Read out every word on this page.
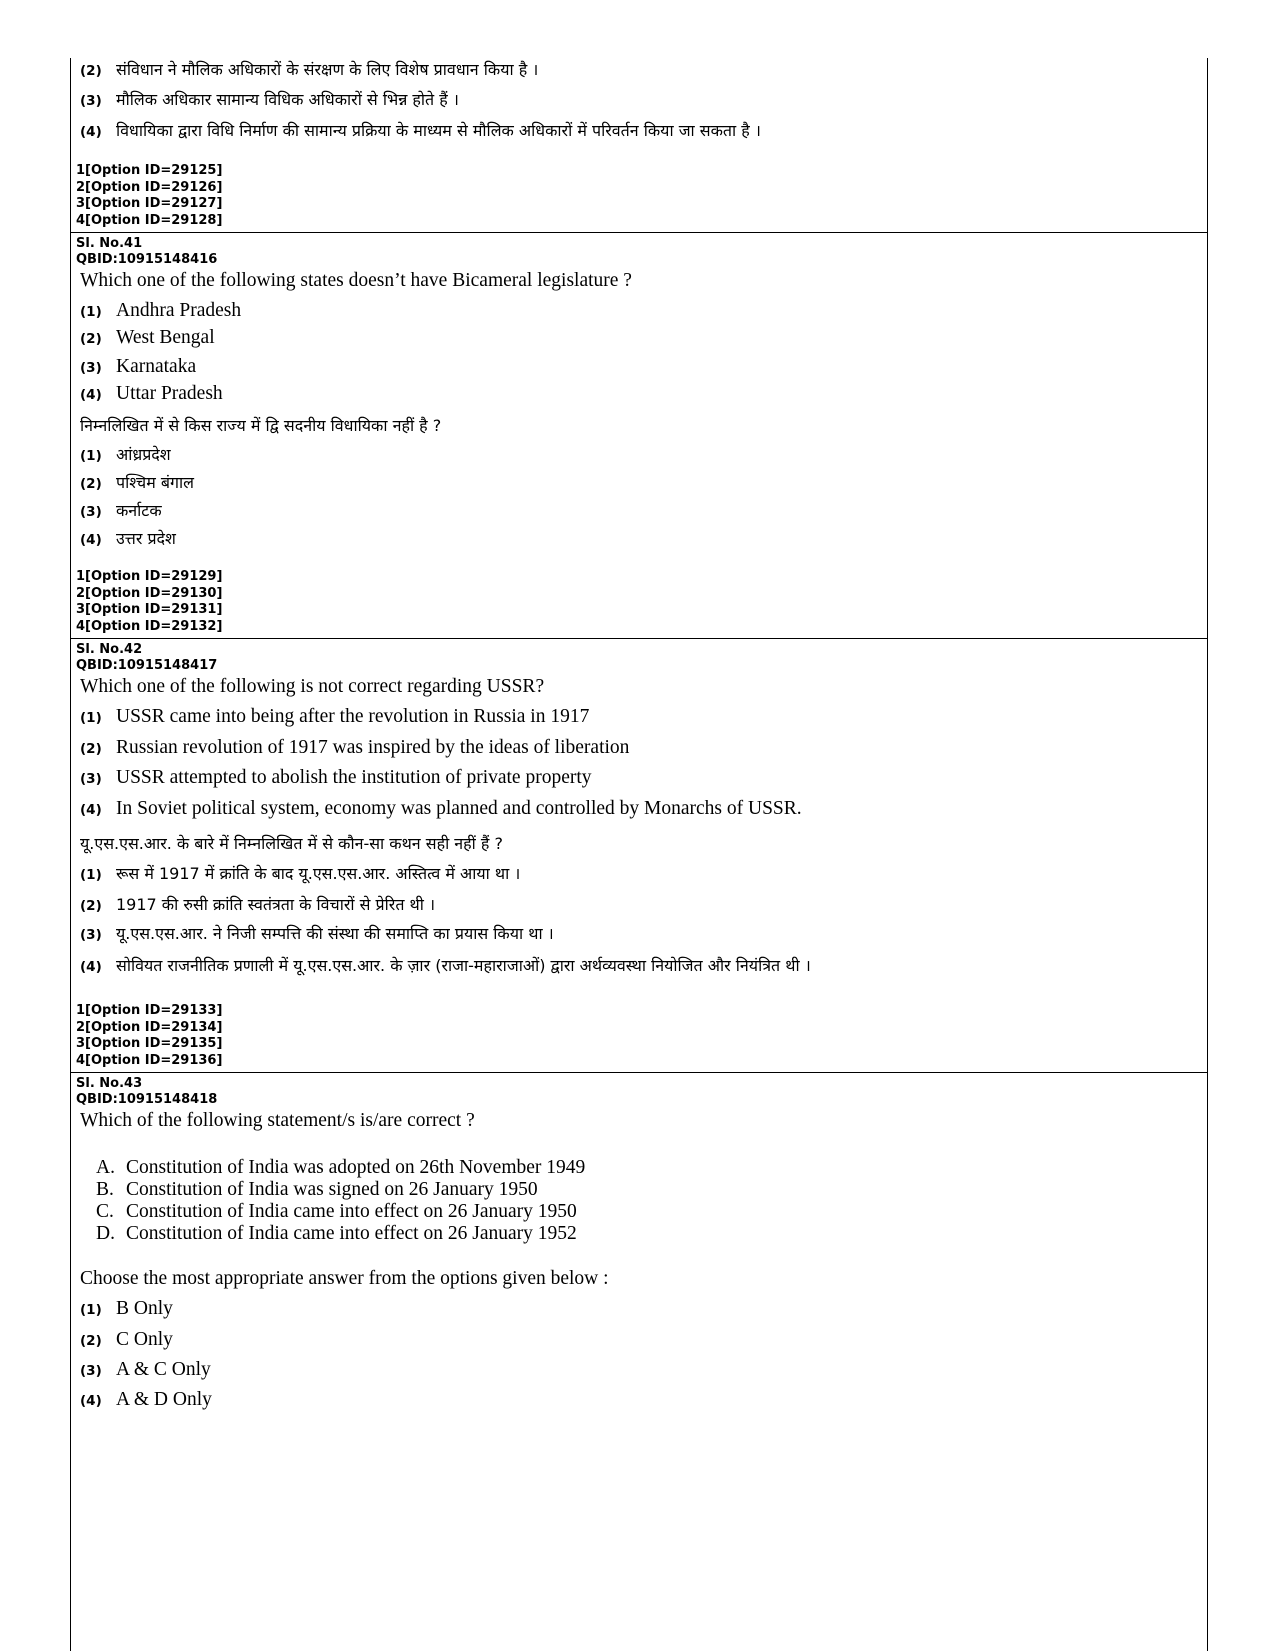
(2) संविधान ने मौलिक अधिकारों के संरक्षण के लिए विशेष प्रावधान किया है ।
(3) मौलिक अधिकार सामान्य विधिक अधिकारों से भिन्न होते हैं ।
(4) विधायिका द्वारा विधि निर्माण की सामान्य प्रक्रिया के माध्यम से मौलिक अधिकारों में परिवर्तन किया जा सकता है ।
1[Option ID=29125]
2[Option ID=29126]
3[Option ID=29127]
4[Option ID=29128]
Sl. No.41
QBID:10915148416
Which one of the following states doesn’t have Bicameral legislature ?
(1) Andhra Pradesh
(2) West Bengal
(3) Karnataka
(4) Uttar Pradesh
निम्नलिखित में से किस राज्य में द्वि सदनीय विधायिका नहीं है ?
(1) आंध्रप्रदेश
(2) पश्चिम बंगाल
(3) कर्नाटक
(4) उत्तर प्रदेश
1[Option ID=29129]
2[Option ID=29130]
3[Option ID=29131]
4[Option ID=29132]
Sl. No.42
QBID:10915148417
Which one of the following is not correct regarding USSR?
(1) USSR came into being after the revolution in Russia in 1917
(2) Russian revolution of 1917 was inspired by the ideas of liberation
(3) USSR attempted to abolish the institution of private property
(4) In Soviet political system, economy was planned and controlled by Monarchs of USSR.
यू.एस.एस.आर. के बारे में निम्नलिखित में से कौन-सा कथन सही नहीं हैं ?
(1) रूस में 1917 में क्रांति के बाद यू.एस.एस.आर. अस्तित्व में आया था ।
(2) 1917 की रुसी क्रांति स्वतंत्रता के विचारों से प्रेरित थी ।
(3) यू.एस.एस.आर. ने निजी सम्पत्ति की संस्था की समाप्ति का प्रयास किया था ।
(4) सोवियत राजनीतिक प्रणाली में यू.एस.एस.आर. के ज़ार (राजा-महाराजाओं) द्वारा अर्थव्यवस्था नियोजित और नियंत्रित थी ।
1[Option ID=29133]
2[Option ID=29134]
3[Option ID=29135]
4[Option ID=29136]
Sl. No.43
QBID:10915148418
Which of the following statement/s is/are correct ?
A. Constitution of India was adopted on 26th November 1949
B. Constitution of India was signed on 26 January 1950
C. Constitution of India came into effect on 26 January 1950
D. Constitution of India came into effect on 26 January 1952
Choose the most appropriate answer from the options given below :
(1) B Only
(2) C Only
(3) A & C Only
(4) A & D Only
